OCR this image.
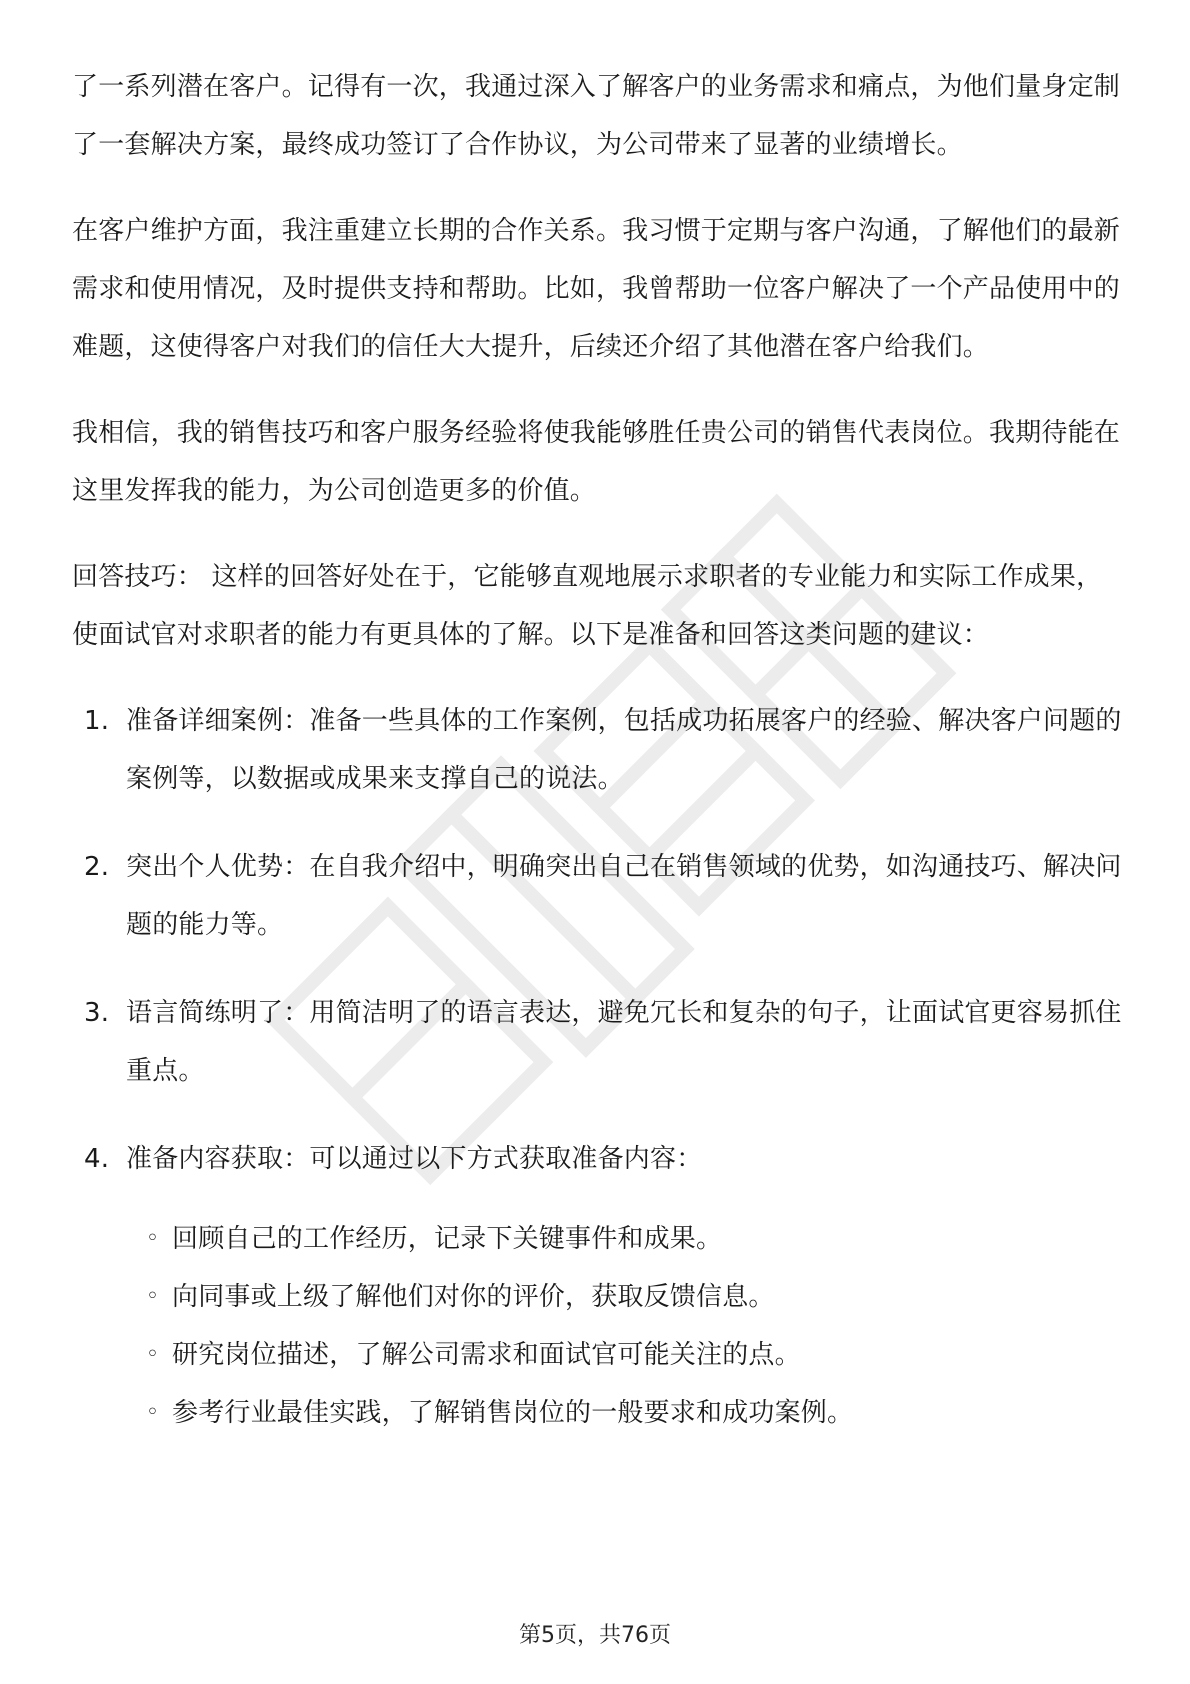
了一系列潜在客户。记得有一次，我通过深入了解客户的业务需求和痛点，为他们量身定制了一套解决方案，最终成功签订了合作协议，为公司带来了显著的业绩增长。

在客户维护方面，我注重建立长期的合作关系。我习惯于定期与客户沟通，了解他们的最新需求和使用情况，及时提供支持和帮助。比如，我曾帮助一位客户解决了一个产品使用中的难题，这使得客户对我们的信任大大提升，后续还介绍了其他潜在客户给我们。

我相信，我的销售技巧和客户服务经验将使我能够胜任贵公司的销售代表岗位。我期待能在这里发挥我的能力，为公司创造更多的价值。

回答技巧： 这样的回答好处在于，它能够直观地展示求职者的专业能力和实际工作成果，使面试官对求职者的能力有更具体的了解。以下是准备和回答这类问题的建议：

1. 准备详细案例：准备一些具体的工作案例，包括成功拓展客户的经验、解决客户问题的案例等，以数据或成果来支撑自己的说法。
2. 突出个人优势：在自我介绍中，明确突出自己在销售领域的优势，如沟通技巧、解决问题的能力等。
3. 语言简练明了：用简洁明了的语言表达，避免冗长和复杂的句子，让面试官更容易抓住重点。
4. 准备内容获取：可以通过以下方式获取准备内容：
◦ 回顾自己的工作经历，记录下关键事件和成果。
◦ 向同事或上级了解他们对你的评价，获取反馈信息。
◦ 研究岗位描述，了解公司需求和面试官可能关注的点。
◦ 参考行业最佳实践，了解销售岗位的一般要求和成功案例。
第5页，共76页
